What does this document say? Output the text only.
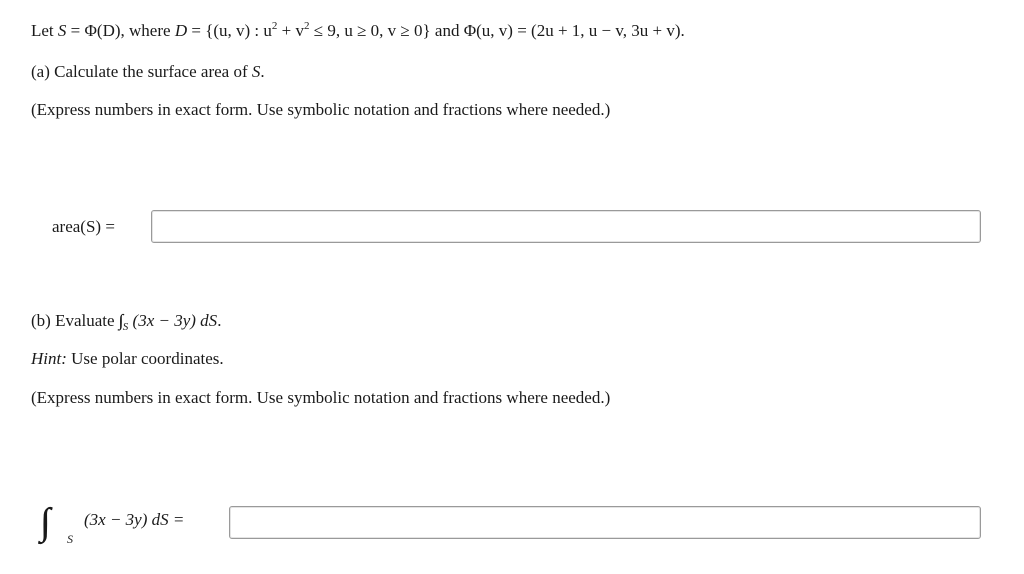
Let S = Φ(D), where D = {(u, v) : $u^2 + v^2 \le 9$, u ≥ 0, v ≥ 0} and Φ(u, v) = (2u + 1, u − v, 3u + v).
(a) Calculate the surface area of S.
(Express numbers in exact form. Use symbolic notation and fractions where needed.)
area(S) =
(b) Evaluate $_S$ (3x − 3y) dS.
Hint: Use polar coordinates.
(Express numbers in exact form. Use symbolic notation and fractions where needed.)
∫∫ S
(3x − 3y) dS =
